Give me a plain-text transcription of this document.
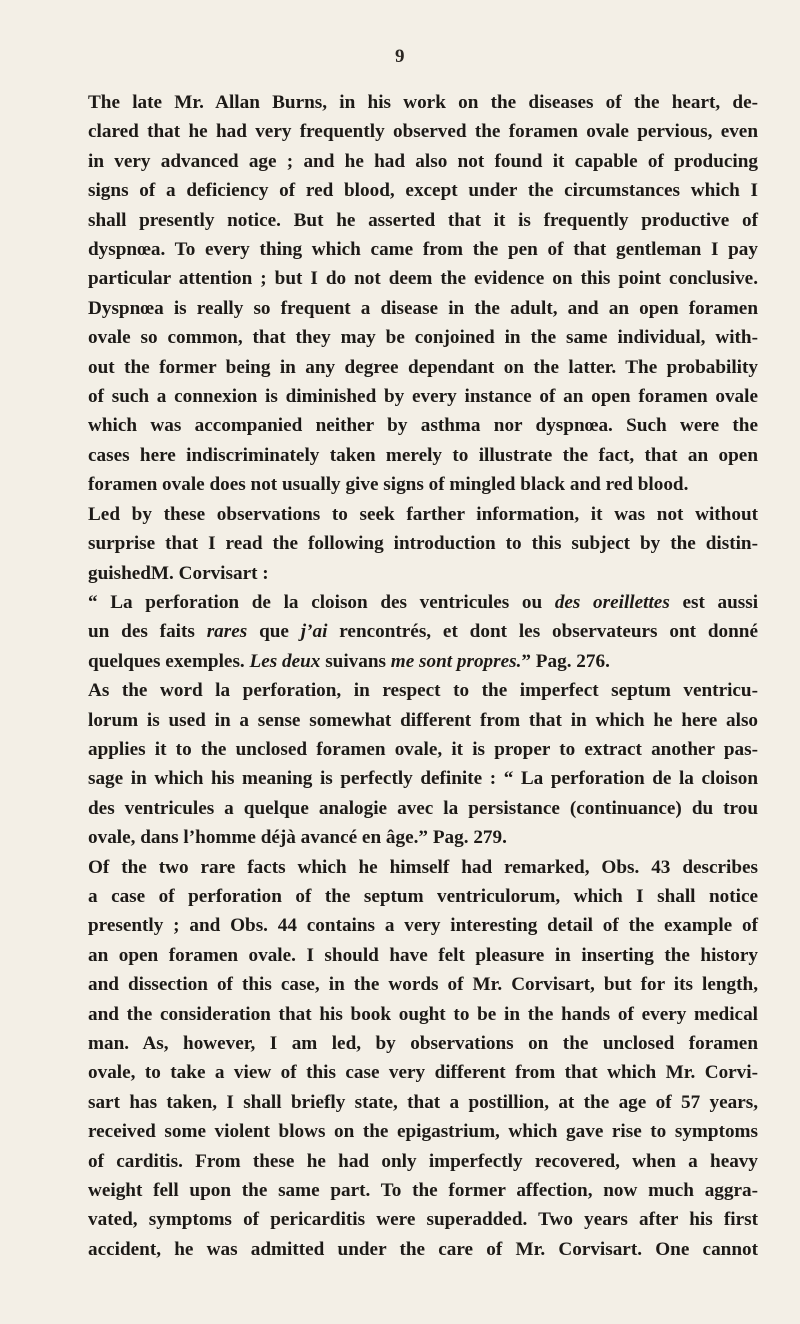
9
The late Mr. Allan Burns, in his work on the diseases of the heart, de-
clared that he had very frequently observed the foramen ovale pervious, even
in very advanced age ; and he had also not found it capable of producing
signs of a deficiency of red blood, except under the circumstances which I
shall presently notice. But he asserted that it is frequently productive of
dyspnœa. To every thing which came from the pen of that gentleman I pay
particular attention ; but I do not deem the evidence on this point conclusive.
Dyspnœa is really so frequent a disease in the adult, and an open foramen
ovale so common, that they may be conjoined in the same individual, with-
out the former being in any degree dependant on the latter. The probability
of such a connexion is diminished by every instance of an open foramen ovale
which was accompanied neither by asthma nor dyspnœa. Such were the
cases here indiscriminately taken merely to illustrate the fact, that an open
foramen ovale does not usually give signs of mingled black and red blood.
Led by these observations to seek farther information, it was not without
surprise that I read the following introduction to this subject by the distin-
guishedM. Corvisart :
“ La perforation de la cloison des ventricules ou des oreillettes est aussi
un des faits rares que j’ai rencontrés, et dont les observateurs ont donné
quelques exemples. Les deux suivans me sont propres.” Pag. 276.
As the word la perforation, in respect to the imperfect septum ventricu-
lorum is used in a sense somewhat different from that in which he here also
applies it to the unclosed foramen ovale, it is proper to extract another pas-
sage in which his meaning is perfectly definite : “ La perforation de la cloison
des ventricules a quelque analogie avec la persistance (continuance) du trou
ovale, dans l’homme déjà avancé en âge.” Pag. 279.
Of the two rare facts which he himself had remarked, Obs. 43 describes
a case of perforation of the septum ventriculorum, which I shall notice
presently ; and Obs. 44 contains a very interesting detail of the example of
an open foramen ovale. I should have felt pleasure in inserting the history
and dissection of this case, in the words of Mr. Corvisart, but for its length,
and the consideration that his book ought to be in the hands of every medical
man. As, however, I am led, by observations on the unclosed foramen
ovale, to take a view of this case very different from that which Mr. Corvi-
sart has taken, I shall briefly state, that a postillion, at the age of 57 years,
received some violent blows on the epigastrium, which gave rise to symptoms
of carditis. From these he had only imperfectly recovered, when a heavy
weight fell upon the same part. To the former affection, now much aggra-
vated, symptoms of pericarditis were superadded. Two years after his first
accident, he was admitted under the care of Mr. Corvisart. One cannot
